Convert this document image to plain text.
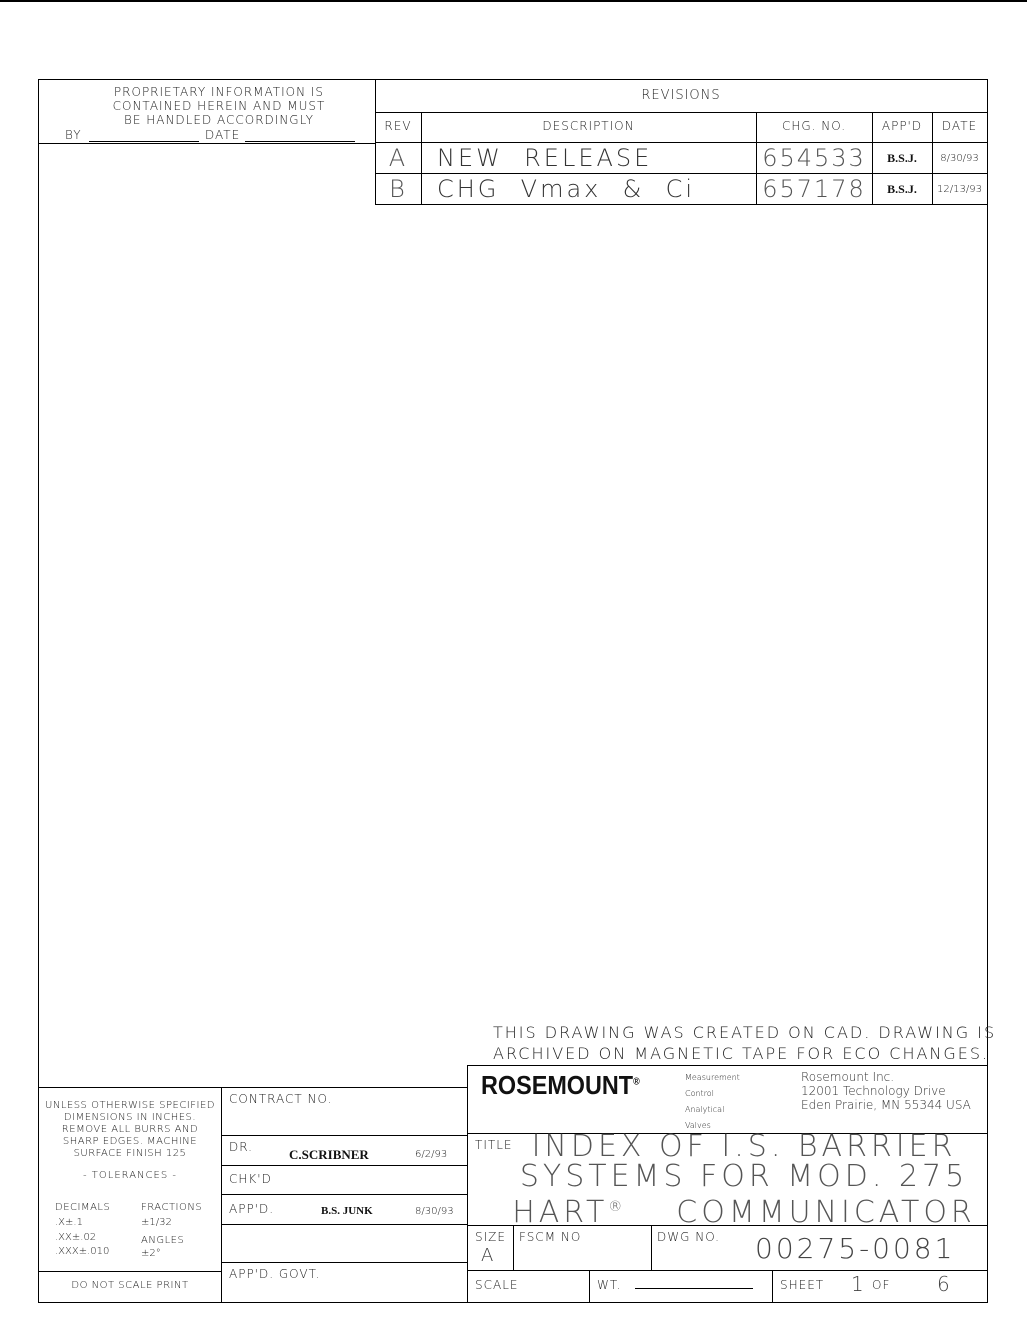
PROPRIETARY INFORMATION IS
CONTAINED HEREIN AND MUST
BE HANDLED ACCORDINGLY
BY	DATE
REVISIONS
REV	DESCRIPTION	CHG. NO.	APP'D	DATE
A	NEW  RELEASE	654533	B.S.J.	8/30/93
B	CHG  Vmax  &  Ci	657178	B.S.J.	12/13/93
THIS DRAWING WAS CREATED ON CAD. DRAWING IS
ARCHIVED ON MAGNETIC TAPE FOR ECO CHANGES.
UNLESS OTHERWISE SPECIFIED
DIMENSIONS IN INCHES.
REMOVE ALL BURRS AND
SHARP EDGES. MACHINE
SURFACE FINISH 125
- TOLERANCES -
DECIMALS	FRACTIONS
.X±.1	±1/32
.XX±.02	ANGLES
.XXX±.010	±2°
DO NOT SCALE PRINT
CONTRACT NO.
DR.	C.SCRIBNER	6/2/93
CHK'D
APP'D.	B.S. JUNK	8/30/93
APP'D. GOVT.
ROSEMOUNT®	Measurement
Control
Analytical
Valves
Rosemount Inc.
12001 Technology Drive
Eden Prairie, MN 55344 USA
TITLE INDEX OF I.S. BARRIER
SYSTEMS FOR MOD. 275
HART® COMMUNICATOR
SIZE
A
FSCM NO	DWG NO. 00275-0081
SCALE	WT.	SHEET 1 OF 6
